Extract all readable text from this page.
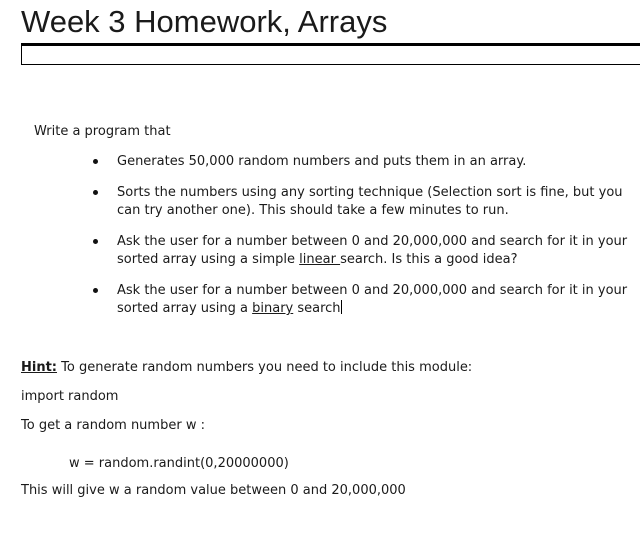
Week 3 Homework, Arrays
Write a program that
Generates 50,000 random numbers and puts them in an array.
Sorts the numbers using any sorting technique (Selection sort is fine, but you
can try another one). This should take a few minutes to run.
Ask the user for a number between 0 and 20,000,000 and search for it in your
sorted array using a simple linear search. Is this a good idea?
Ask the user for a number between 0 and 20,000,000 and search for it in your
sorted array using a binary search
Hint: To generate random numbers you need to include this module:
import random
To get a random number w :
w = random.randint(0,20000000)
This will give w a random value between 0 and 20,000,000
